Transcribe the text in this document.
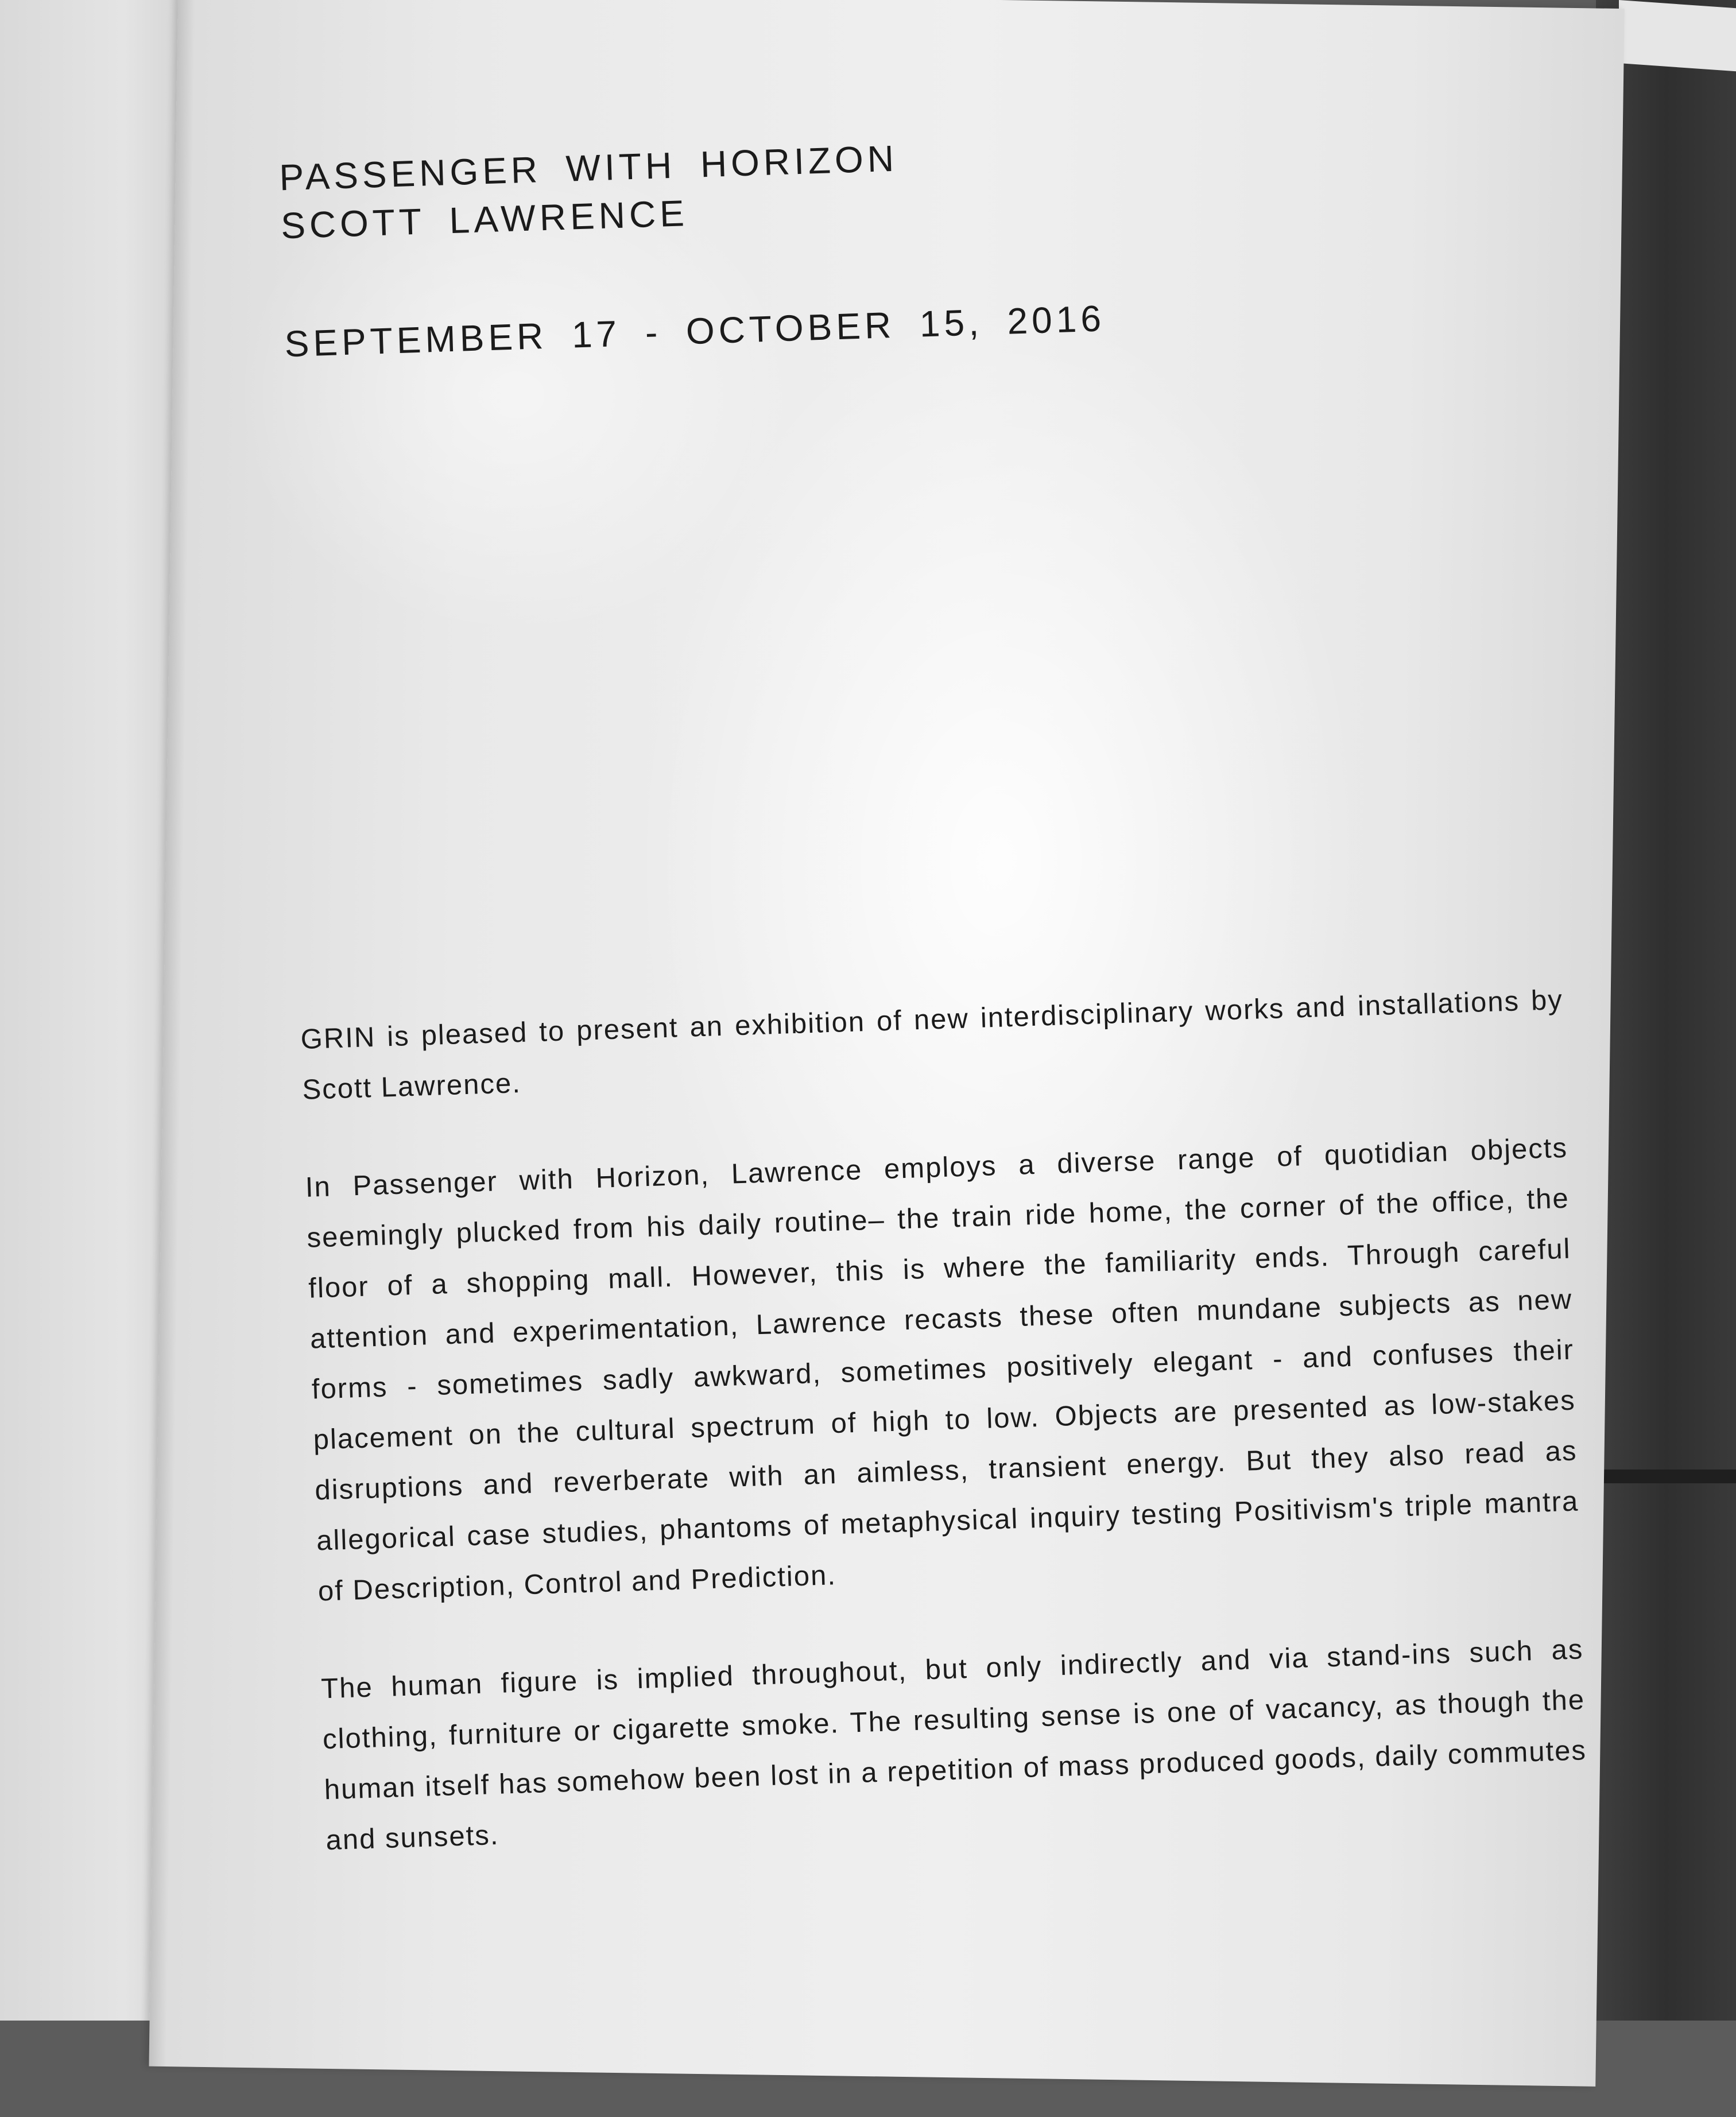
PASSENGER WITH HORIZON
SCOTT LAWRENCE
SEPTEMBER 17 - OCTOBER 15, 2016

GRIN is pleased to present an exhibition of new interdisciplinary works and installations by Scott Lawrence.

In Passenger with Horizon, Lawrence employs a diverse range of quotidian objects seemingly plucked from his daily routine– the train ride home, the corner of the office, the floor of a shopping mall. However, this is where the familiarity ends. Through careful attention and experimentation, Lawrence recasts these often mundane subjects as new forms - sometimes sadly awkward, sometimes positively elegant - and confuses their placement on the cultural spectrum of high to low. Objects are presented as low-stakes disruptions and reverberate with an aimless, transient energy. But they also read as allegorical case studies, phantoms of metaphysical inquiry testing Positivism's triple mantra of Description, Control and Prediction.

The human figure is implied throughout, but only indirectly and via stand-ins such as clothing, furniture or cigarette smoke. The resulting sense is one of vacancy, as though the human itself has somehow been lost in a repetition of mass produced goods, daily commutes and sunsets.
